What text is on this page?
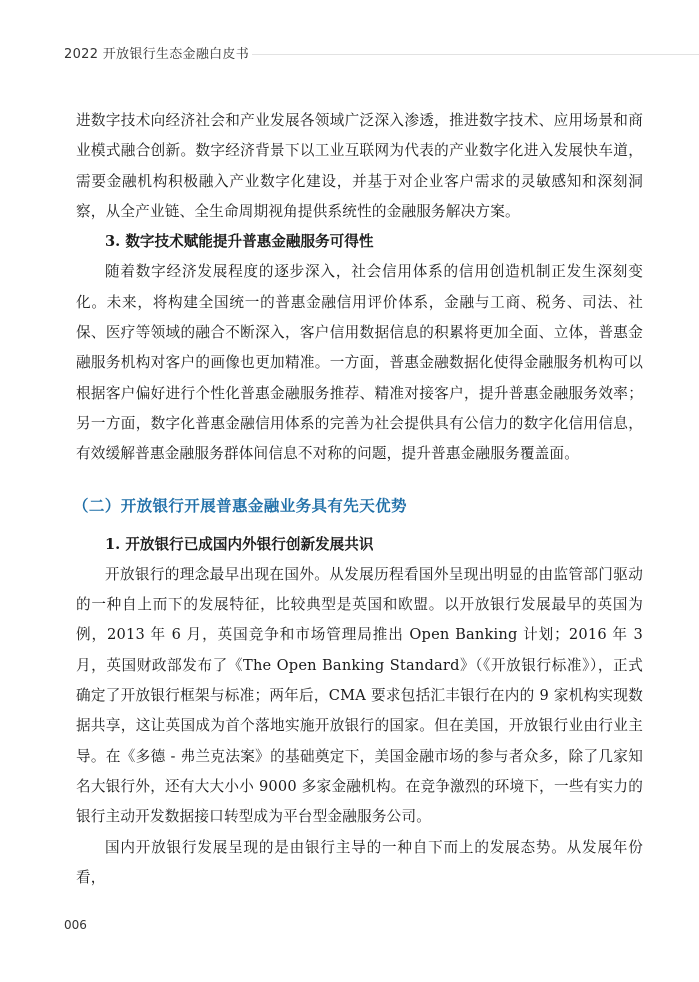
2022 开放银行生态金融白皮书

进数字技术向经济社会和产业发展各领域广泛深入渗透，推进数字技术、应用场景和商业模式融合创新。数字经济背景下以工业互联网为代表的产业数字化进入发展快车道，需要金融机构积极融入产业数字化建设，并基于对企业客户需求的灵敏感知和深刻洞察，从全产业链、全生命周期视角提供系统性的金融服务解决方案。

3. 数字技术赋能提升普惠金融服务可得性

随着数字经济发展程度的逐步深入，社会信用体系的信用创造机制正发生深刻变化。未来，将构建全国统一的普惠金融信用评价体系，金融与工商、税务、司法、社保、医疗等领域的融合不断深入，客户信用数据信息的积累将更加全面、立体，普惠金融服务机构对客户的画像也更加精准。一方面，普惠金融数据化使得金融服务机构可以根据客户偏好进行个性化普惠金融服务推荐、精准对接客户，提升普惠金融服务效率；另一方面，数字化普惠金融信用体系的完善为社会提供具有公信力的数字化信用信息，有效缓解普惠金融服务群体间信息不对称的问题，提升普惠金融服务覆盖面。

（二）开放银行开展普惠金融业务具有先天优势

1. 开放银行已成国内外银行创新发展共识

开放银行的理念最早出现在国外。从发展历程看国外呈现出明显的由监管部门驱动的一种自上而下的发展特征，比较典型是英国和欧盟。以开放银行发展最早的英国为例，2013 年 6 月，英国竞争和市场管理局推出 Open Banking 计划；2016 年 3 月，英国财政部发布了《The Open Banking Standard》（《开放银行标准》），正式确定了开放银行框架与标准；两年后，CMA 要求包括汇丰银行在内的 9 家机构实现数据共享，这让英国成为首个落地实施开放银行的国家。但在美国，开放银行业由行业主导。在《多德 - 弗兰克法案》的基础奠定下，美国金融市场的参与者众多，除了几家知名大银行外，还有大大小小 9000 多家金融机构。在竞争激烈的环境下，一些有实力的银行主动开发数据接口转型成为平台型金融服务公司。

国内开放银行发展呈现的是由银行主导的一种自下而上的发展态势。从发展年份看，

006
